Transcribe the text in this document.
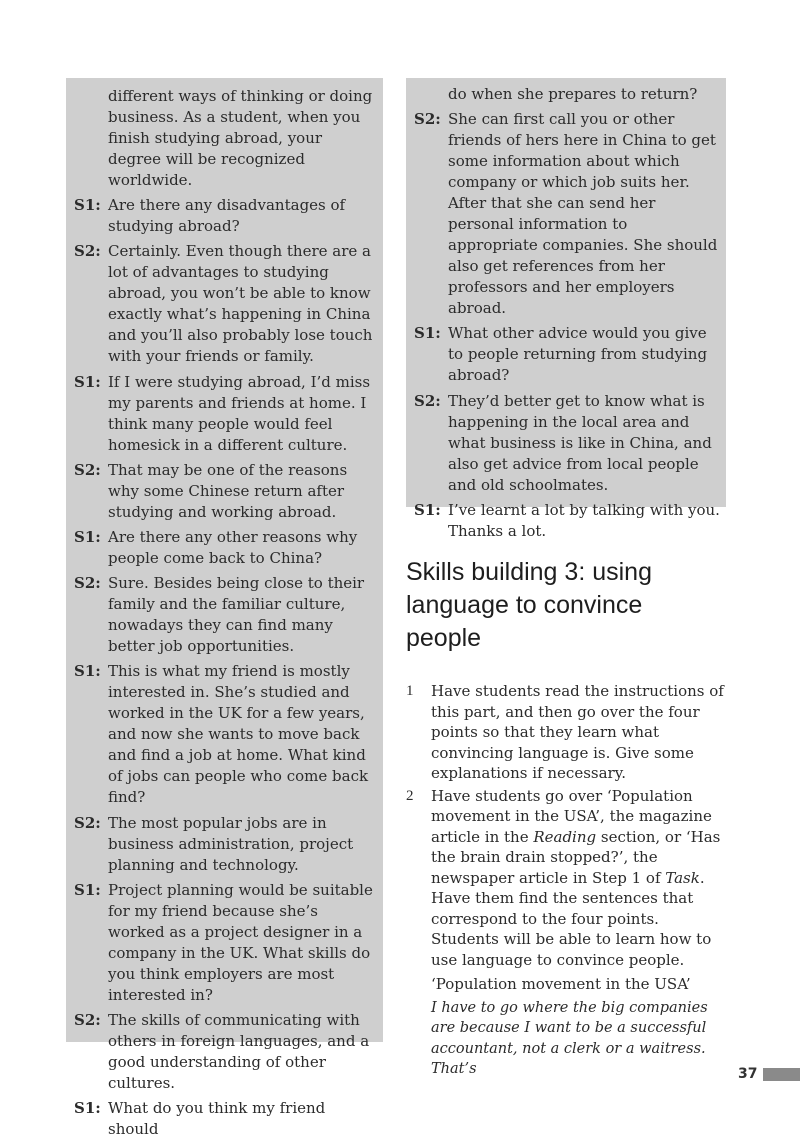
different ways of thinking or doing business. As a student, when you finish studying abroad, your degree will be recognized worldwide.
S1: Are there any disadvantages of studying abroad?
S2: Certainly. Even though there are a lot of advantages to studying abroad, you won’t be able to know exactly what’s happening in China and you’ll also probably lose touch with your friends or family.
S1: If I were studying abroad, I’d miss my parents and friends at home. I think many people would feel homesick in a different culture.
S2: That may be one of the reasons why some Chinese return after studying and working abroad.
S1: Are there any other reasons why people come back to China?
S2: Sure. Besides being close to their family and the familiar culture, nowadays they can find many better job opportunities.
S1: This is what my friend is mostly interested in. She’s studied and worked in the UK for a few years, and now she wants to move back and find a job at home. What kind of jobs can people who come back find?
S2: The most popular jobs are in business administration, project planning and technology.
S1: Project planning would be suitable for my friend because she’s worked as a project designer in a company in the UK. What skills do you think employers are most interested in?
S2: The skills of communicating with others in foreign languages, and a good understanding of other cultures.
S1: What do you think my friend should
do when she prepares to return?
S2: She can first call you or other friends of hers here in China to get some information about which company or which job suits her. After that she can send her personal information to appropriate companies. She should also get references from her professors and her employers abroad.
S1: What other advice would you give to people returning from studying abroad?
S2: They’d better get to know what is happening in the local area and what business is like in China, and also get advice from local people and old schoolmates.
S1: I’ve learnt a lot by talking with you. Thanks a lot.
Skills building 3: using language to convince people
1	Have students read the instructions of this part, and then go over the four points so that they learn what convincing language is. Give some explanations if necessary.
2	Have students go over ‘Population movement in the USA’, the magazine article in the Reading section, or ‘Has the brain drain stopped?’, the newspaper article in Step 1 of Task. Have them find the sentences that correspond to the four points. Students will be able to learn how to use language to convince people.
‘Population movement in the USA’
I have to go where the big companies are because I want to be a successful accountant, not a clerk or a waitress. That’s	37
